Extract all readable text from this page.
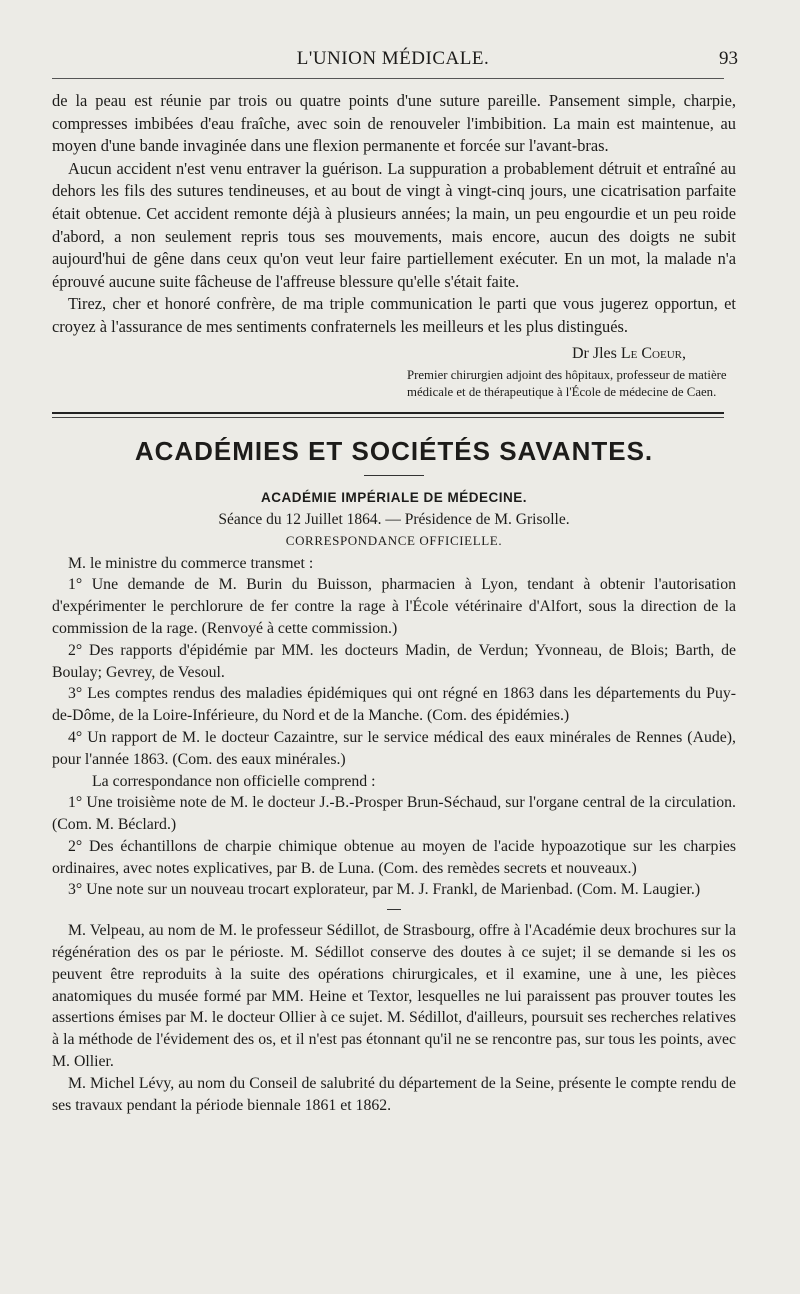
L'UNION MÉDICALE.	93

de la peau est réunie par trois ou quatre points d'une suture pareille. Pansement simple, charpie, compresses imbibées d'eau fraîche, avec soin de renouveler l'imbibition. La main est maintenue, au moyen d'une bande invaginée dans une flexion permanente et forcée sur l'avant-bras.

Aucun accident n'est venu entraver la guérison. La suppuration a probablement détruit et entraîné au dehors les fils des sutures tendineuses, et au bout de vingt à vingt-cinq jours, une cicatrisation parfaite était obtenue. Cet accident remonte déjà à plusieurs années; la main, un peu engourdie et un peu roide d'abord, a non seulement repris tous ses mouvements, mais encore, aucun des doigts ne subit aujourd'hui de gêne dans ceux qu'on veut leur faire partiellement exécuter. En un mot, la malade n'a éprouvé aucune suite fâcheuse de l'affreuse blessure qu'elle s'était faite.

Tirez, cher et honoré confrère, de ma triple communication le parti que vous jugerez opportun, et croyez à l'assurance de mes sentiments confraternels les meilleurs et les plus distingués.

Dr Jles Le Coeur,
Premier chirurgien adjoint des hôpitaux, professeur de matière médicale et de thérapeutique à l'École de médecine de Caen.
ACADÉMIES ET SOCIÉTÉS SAVANTES.
ACADÉMIE IMPÉRIALE DE MÉDECINE.
Séance du 12 Juillet 1864. — Présidence de M. Grisolle.
CORRESPONDANCE OFFICIELLE.

M. le ministre du commerce transmet :

1° Une demande de M. Burin du Buisson, pharmacien à Lyon, tendant à obtenir l'autorisation d'expérimenter le perchlorure de fer contre la rage à l'École vétérinaire d'Alfort, sous la direction de la commission de la rage. (Renvoyé à cette commission.)

2° Des rapports d'épidémie par MM. les docteurs Madin, de Verdun; Yvonneau, de Blois; Barth, de Boulay; Gevrey, de Vesoul.

3° Les comptes rendus des maladies épidémiques qui ont régné en 1863 dans les départements du Puy-de-Dôme, de la Loire-Inférieure, du Nord et de la Manche. (Com. des épidémies.)

4° Un rapport de M. le docteur Cazaintre, sur le service médical des eaux minérales de Rennes (Aude), pour l'année 1863. (Com. des eaux minérales.)

La correspondance non officielle comprend :

1° Une troisième note de M. le docteur J.-B.-Prosper Brun-Séchaud, sur l'organe central de la circulation. (Com. M. Béclard.)

2° Des échantillons de charpie chimique obtenue au moyen de l'acide hypoazotique sur les charpies ordinaires, avec notes explicatives, par B. de Luna. (Com. des remèdes secrets et nouveaux.)

3° Une note sur un nouveau trocart explorateur, par M. J. Frankl, de Marienbad. (Com. M. Laugier.)

M. Velpeau, au nom de M. le professeur Sédillot, de Strasbourg, offre à l'Académie deux brochures sur la régénération des os par le périoste. M. Sédillot conserve des doutes à ce sujet; il se demande si les os peuvent être reproduits à la suite des opérations chirurgicales, et il examine, une à une, les pièces anatomiques du musée formé par MM. Heine et Textor, lesquelles ne lui paraissent pas prouver toutes les assertions émises par M. le docteur Ollier à ce sujet. M. Sédillot, d'ailleurs, poursuit ses recherches relatives à la méthode de l'évidement des os, et il n'est pas étonnant qu'il ne se rencontre pas, sur tous les points, avec M. Ollier.

M. Michel Lévy, au nom du Conseil de salubrité du département de la Seine, présente le compte rendu de ses travaux pendant la période biennale 1861 et 1862.
